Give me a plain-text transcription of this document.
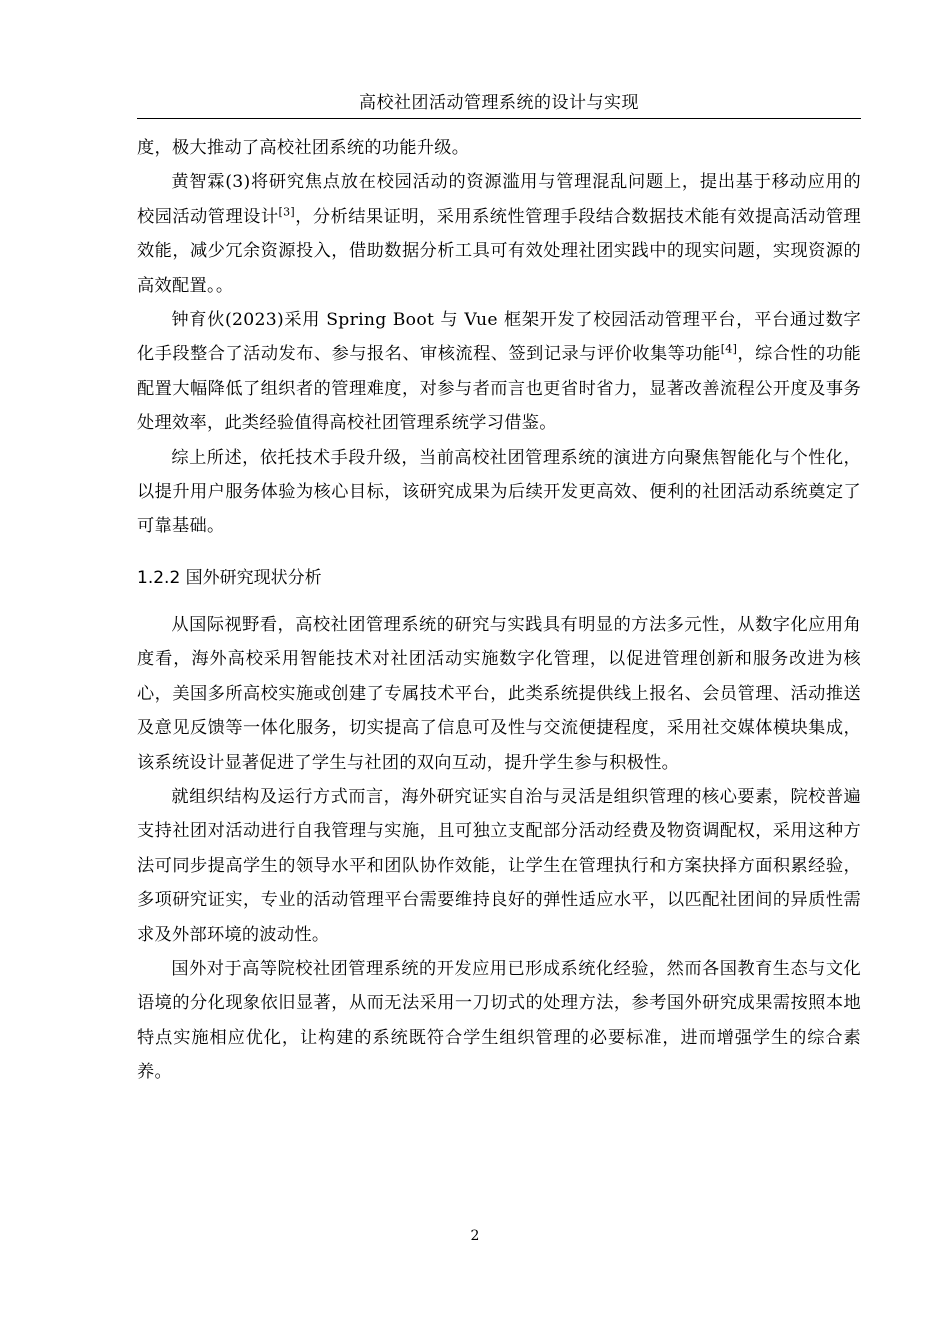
高校社团活动管理系统的设计与实现

度，极大推动了高校社团系统的功能升级。

黄智霖(3)将研究焦点放在校园活动的资源滥用与管理混乱问题上，提出基于移动应用的校园活动管理设计[3]，分析结果证明，采用系统性管理手段结合数据技术能有效提高活动管理效能，减少冗余资源投入，借助数据分析工具可有效处理社团实践中的现实问题，实现资源的高效配置。。

钟育伙(2023)采用 Spring Boot 与 Vue 框架开发了校园活动管理平台，平台通过数字化手段整合了活动发布、参与报名、审核流程、签到记录与评价收集等功能[4]，综合性的功能配置大幅降低了组织者的管理难度，对参与者而言也更省时省力，显著改善流程公开度及事务处理效率，此类经验值得高校社团管理系统学习借鉴。

综上所述，依托技术手段升级，当前高校社团管理系统的演进方向聚焦智能化与个性化，以提升用户服务体验为核心目标，该研究成果为后续开发更高效、便利的社团活动系统奠定了可靠基础。

1.2.2 国外研究现状分析

从国际视野看，高校社团管理系统的研究与实践具有明显的方法多元性，从数字化应用角度看，海外高校采用智能技术对社团活动实施数字化管理，以促进管理创新和服务改进为核心，美国多所高校实施或创建了专属技术平台，此类系统提供线上报名、会员管理、活动推送及意见反馈等一体化服务，切实提高了信息可及性与交流便捷程度，采用社交媒体模块集成，该系统设计显著促进了学生与社团的双向互动，提升学生参与积极性。

就组织结构及运行方式而言，海外研究证实自治与灵活是组织管理的核心要素，院校普遍支持社团对活动进行自我管理与实施，且可独立支配部分活动经费及物资调配权，采用这种方法可同步提高学生的领导水平和团队协作效能，让学生在管理执行和方案抉择方面积累经验，多项研究证实，专业的活动管理平台需要维持良好的弹性适应水平，以匹配社团间的异质性需求及外部环境的波动性。

国外对于高等院校社团管理系统的开发应用已形成系统化经验，然而各国教育生态与文化语境的分化现象依旧显著，从而无法采用一刀切式的处理方法，参考国外研究成果需按照本地特点实施相应优化，让构建的系统既符合学生组织管理的必要标准，进而增强学生的综合素养。

2
